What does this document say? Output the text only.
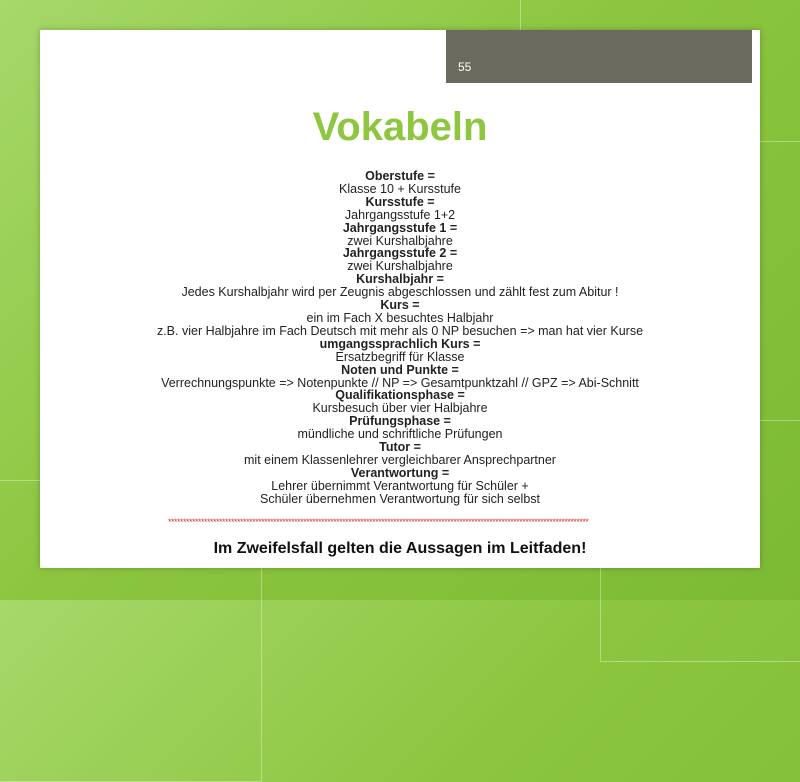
55
Vokabeln
Oberstufe =
Klasse 10 + Kursstufe
Kursstufe =
Jahrgangsstufe 1+2
Jahrgangsstufe 1 =
zwei Kurshalbjahre
Jahrgangsstufe 2 =
zwei Kurshalbjahre
Kurshalbjahr =
Jedes Kurshalbjahr wird per Zeugnis abgeschlossen und zählt fest zum Abitur !
Kurs =
ein im Fach X besuchtes Halbjahr
z.B. vier Halbjahre im Fach Deutsch mit mehr als 0 NP besuchen => man hat vier Kurse
umgangssprachlich Kurs =
Ersatzbegriff für Klasse
Noten und Punkte =
Verrechnungspunkte => Notenpunkte // NP => Gesamtpunktzahl // GPZ => Abi-Schnitt
Qualifikationsphase =
Kursbesuch über vier Halbjahre
Prüfungsphase =
mündliche und schriftliche Prüfungen
Tutor =
mit einem Klassenlehrer vergleichbarer Ansprechpartner
Verantwortung =
Lehrer übernimmt Verantwortung für Schüler +
Schüler übernehmen Verantwortung für sich selbst
********************************************************************************************************************************************
Im Zweifelsfall gelten die Aussagen im Leitfaden!
